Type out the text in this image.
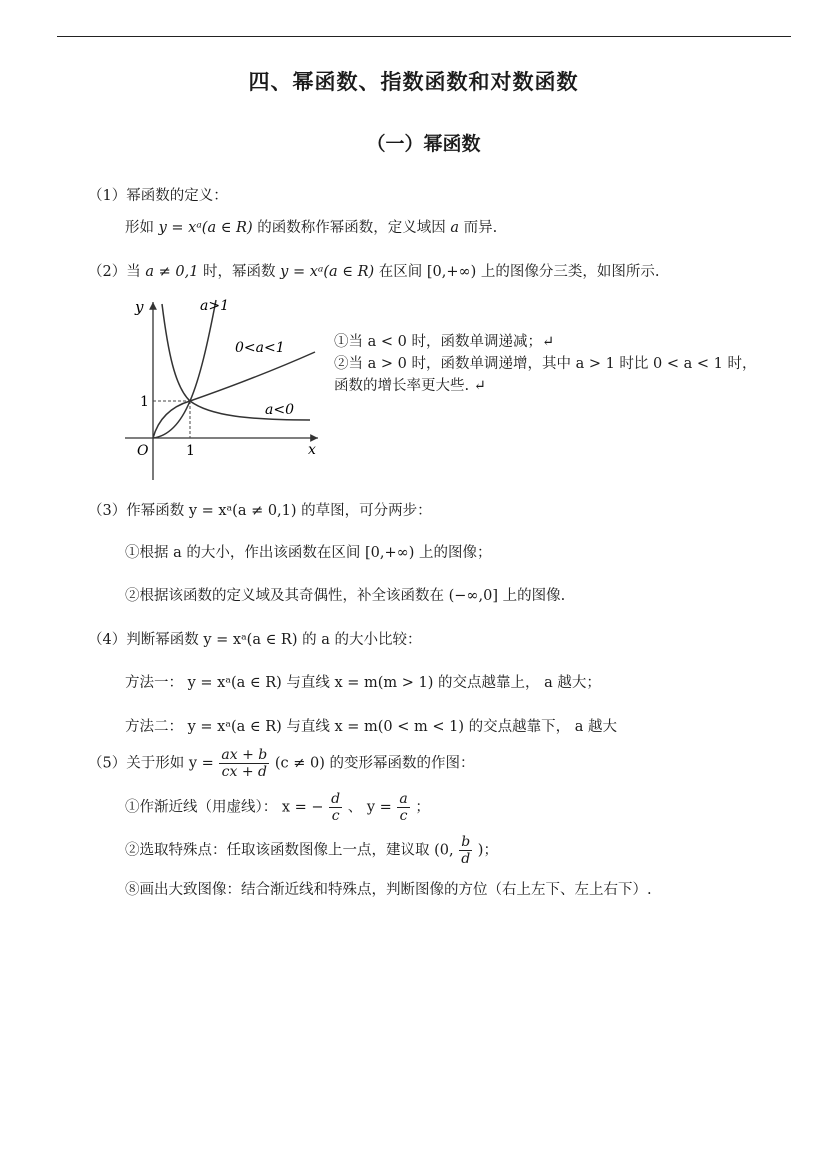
四、幂函数、指数函数和对数函数
（一）幂函数
（1）幂函数的定义：
形如 y = xᵃ(a ∈ R) 的函数称作幂函数，定义域因 a 而异.
（2）当 a ≠ 0,1 时，幂函数 y = xᵃ(a ∈ R) 在区间 [0,+∞) 上的图像分三类，如图所示.
y
x
O	1
1
a>1
0<a<1
a<0
①当 a < 0 时，函数单调递减；↵
②当 a > 0 时，函数单调递增，其中 a > 1 时比 0 < a < 1 时，
函数的增长率更大些. ↵
（3）作幂函数 y = xᵃ(a ≠ 0,1) 的草图，可分两步：
①根据 a 的大小，作出该函数在区间 [0,+∞) 上的图像；
②根据该函数的定义域及其奇偶性，补全该函数在 (−∞,0] 上的图像.
（4）判断幂函数 y = xᵃ(a ∈ R) 的 a 的大小比较：
方法一： y = xᵃ(a ∈ R) 与直线 x = m(m > 1) 的交点越靠上， a 越大；
方法二： y = xᵃ(a ∈ R) 与直线 x = m(0 < m < 1) 的交点越靠下， a 越大
（5）关于形如 $y = \frac{ax + b}{cx + d} (c \ne 0)$ 的变形幂函数的作图：
①作渐近线（用虚线）： x = − $\frac{d}{c}$ 、 $y = \frac{a}{c}$ ；
②选取特殊点：任取该函数图像上一点，建议取 (0, $\frac{b}{d}$ )；
⑧画出大致图像：结合渐近线和特殊点，判断图像的方位（右上左下、左上右下）.
